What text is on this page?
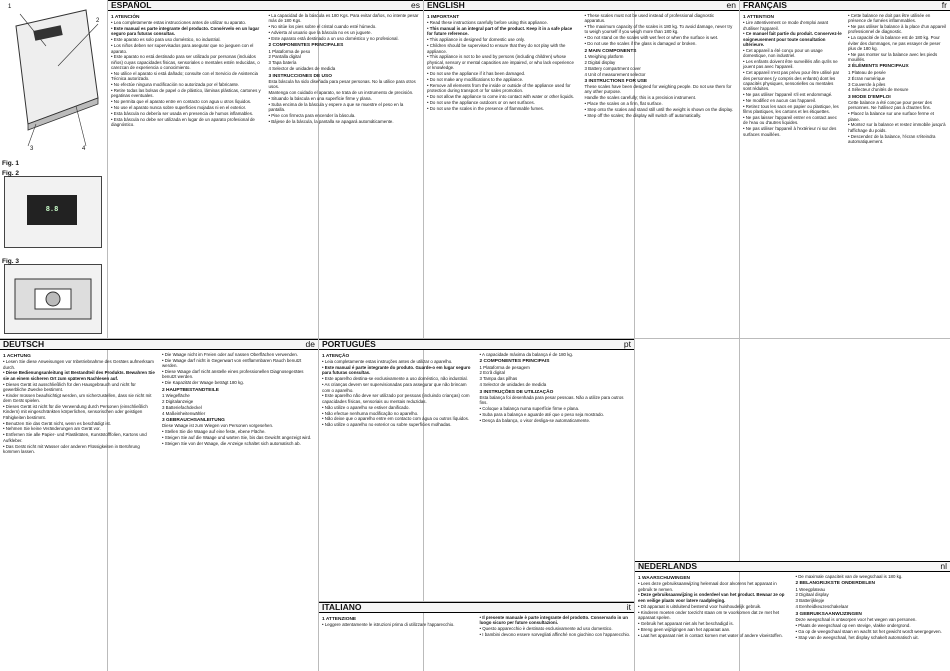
1
2
3	4
Fig. 1
8.8
Fig. 2
Fig. 3
ESPAÑOL	es
1 ATENCIÓN
• Lea completamente estas instrucciones antes de utilizar su aparato.
• Este manual es parte integrante del producto. Consérvelo en un lugar seguro para futuras consultas.
• Este aparato es solo para uso doméstico, no industrial.
• Los niños deben ser supervisados para asegurar que no jueguen con el aparato.
• Este aparato no está destinado para ser utilizado por personas (incluidos niños) cuyas capacidades físicas, sensoriales o mentales estén reducidas, o carezcan de experiencia o conocimiento.
• No utilice el aparato si está dañado; consulte con el Servicio de Asistencia Técnica autorizado.
• No efectúe ninguna modificación no autorizada por el fabricante.
• Retire todas las bolsas de papel o de plástico, láminas plásticas, cartones y pegatinas eventuales.
• No permita que el aparato entre en contacto con agua u otros líquidos.
• No use el aparato nunca sobre superficies mojadas ni en el exterior.
• Esta báscula no debería ser usada en presencia de humos inflamables.
• Esta báscula no debe ser utilizada en lugar de un aparato profesional de diagnóstico.
• La capacidad de la báscula es 180 Kgs. Para evitar daños, no intente pesar más de 180 Kgs.
• No sitúe los pies sobre el cristal cuando esté húmedo.
• Advierta al usuario que la báscula no es un juguete.
• Este aparato está destinado a un uso doméstico y no profesional.
2 COMPONENTES PRINCIPALES
1 Plataforma de peso
2 Pantalla digital
3 Tapa batería
4 Selector de unidades de medida
3 INSTRUCCIONES DE USO
Esta báscula ha sido diseñada para pesar personas. No la utilice para otros usos.
Mantenga con cuidado el aparato, se trata de un instrumento de precisión.
• Situando la báscula en una superficie firme y plana.
• Suba encima de la báscula y espere a que se muestre el peso en la pantalla.
• Pise con firmeza para encender la báscula.
• Bájese de la báscula, la pantalla se apagará automáticamente.
ENGLISH	en
1 IMPORTANT
• Read these instructions carefully before using this appliance.
• This manual is an integral part of the product. Keep it in a safe place for future reference.
• This appliance is designed for domestic use only.
• Children should be supervised to ensure that they do not play with the appliance.
• This appliance is not to be used by persons (including children) whose physical, sensory or mental capacities are impaired, or who lack experience or knowledge.
• Do not use the appliance if it has been damaged.
• Do not make any modifications to the appliance.
• Remove all elements from the inside or outside of the appliance used for protection during transport or for sales promotion.
• Do not allow the appliance to come into contact with water or other liquids.
• Do not use the appliance outdoors or on wet surfaces.
• Do not use the scales in the presence of flammable fumes.
• These scales must not be used instead of professional diagnostic apparatus.
• The maximum capacity of the scales is 180 kg. To avoid damage, never try to weigh yourself if you weigh more than 180 kg.
• Do not stand on the scales with wet feet or when the surface is wet.
• Do not use the scales if the glass is damaged or broken.
2 MAIN COMPONENTS
1 Weighing platform
2 Digital display
3 Battery compartment cover
4 Unit of measurement selector
3 INSTRUCTIONS FOR USE
These scales have been designed for weighing people. Do not use them for any other purpose.
Handle the scales carefully; this is a precision instrument.
• Place the scales on a firm, flat surface.
• Step onto the scales and stand still until the weight is shown on the display.
• Step off the scales; the display will switch off automatically.
FRANÇAIS	fr
1 ATTENTION
• Lire attentivement ce mode d'emploi avant d'utiliser l'appareil.
• Ce manuel fait partie du produit. Conservez-le soigneusement pour toute consultation ultérieure.
• Cet appareil a été conçu pour un usage domestique, non industriel.
• Les enfants doivent être surveillés afin qu'ils ne jouent pas avec l'appareil.
• Cet appareil n'est pas prévu pour être utilisé par des personnes (y compris des enfants) dont les capacités physiques, sensorielles ou mentales sont réduites.
• Ne pas utiliser l'appareil s'il est endommagé.
• Ne modifiez en aucun cas l'appareil.
• Retirez tous les sacs en papier ou plastique, les films plastiques, les cartons et les étiquettes.
• Ne pas laisser l'appareil entrer en contact avec de l'eau ou d'autres liquides.
• Ne pas utiliser l'appareil à l'extérieur ni sur des surfaces mouillées.
• Cette balance ne doit pas être utilisée en présence de fumées inflammables.
• Ne pas utiliser la balance à la place d'un appareil professionnel de diagnostic.
• La capacité de la balance est de 180 kg. Pour éviter des dommages, ne pas essayer de peser plus de 180 kg.
• Ne pas monter sur la balance avec les pieds mouillés.
2 ÉLÉMENTS PRINCIPAUX
1 Plateau de pesée
2 Écran numérique
3 Couvercle à piles
4 Sélecteur d'unités de mesure
3 MODE D'EMPLOI
Cette balance a été conçue pour peser des personnes. Ne l'utilisez pas à d'autres fins.
• Placez la balance sur une surface ferme et plane.
• Montez sur la balance et restez immobile jusqu'à l'affichage du poids.
• Descendez de la balance, l'écran s'éteindra automatiquement.
DEUTSCH	de
1 ACHTUNG
• Lesen Sie diese Anweisungen vor Inbetriebnahme des Gerätes aufmerksam durch.
• Diese Bedienungsanleitung ist Bestandteil des Produkts. Bewahren Sie sie an einem sicheren Ort zum späteren Nachlesen auf.
• Dieses Gerät ist ausschließlich für den Hausgebrauch und nicht für gewerbliche Zwecke bestimmt.
• Kinder müssen beaufsichtigt werden, um sicherzustellen, dass sie nicht mit dem Gerät spielen.
• Dieses Gerät ist nicht für die Verwendung durch Personen (einschließlich Kindern) mit eingeschränkten körperlichen, sensorischen oder geistigen Fähigkeiten bestimmt.
• Benutzen Sie das Gerät nicht, wenn es beschädigt ist.
• Nehmen Sie keine Veränderungen am Gerät vor.
• Entfernen Sie alle Papier- und Plastiktüten, Kunststofffolien, Kartons und Aufkleber.
• Das Gerät nicht mit Wasser oder anderen Flüssigkeiten in Berührung kommen lassen.
• Die Waage nicht im Freien oder auf nassen Oberflächen verwenden.
• Die Waage darf nicht in Gegenwart von entflammbaren Rauch benutzt werden.
• Diese Waage darf nicht anstelle eines professionellen Diagnosegerätes benutzt werden.
• Die Kapazität der Waage beträgt 180 kg.
2 HAUPTBESTANDTEILE
1 Wiegefläche
2 Digitalanzeige
3 Batteriefachdeckel
4 Maßeinheitenwähler
3 GEBRAUCHSANLEITUNG
Diese Waage ist zum Wiegen von Personen vorgesehen.
• Stellen Sie die Waage auf eine feste, ebene Fläche.
• Steigen Sie auf die Waage und warten Sie, bis das Gewicht angezeigt wird.
• Steigen Sie von der Waage, die Anzeige schaltet sich automatisch ab.
PORTUGUÊS	pt
1 ATENÇÃO
• Leia completamente estas instruções antes de utilizar o aparelho.
• Este manual é parte integrante do produto. Guarde-o em lugar seguro para futuras consultas.
• Este aparelho destina-se exclusivamente a uso doméstico, não industrial.
• As crianças devem ser supervisionadas para assegurar que não brincam com o aparelho.
• Este aparelho não deve ser utilizado por pessoas (incluindo crianças) com capacidades físicas, sensoriais ou mentais reduzidas.
• Não utilize o aparelho se estiver danificado.
• Não efectue nenhuma modificação no aparelho.
• Não deixe que o aparelho entre em contacto com água ou outros líquidos.
• Não utilize o aparelho no exterior ou sobre superfícies molhadas.
• A capacidade máxima da balança é de 180 kg.
2 COMPONENTES PRINCIPAIS
1 Plataforma de pesagem
2 Ecrã digital
3 Tampa das pilhas
4 Selector de unidades de medida
3 INSTRUÇÕES DE UTILIZAÇÃO
Esta balança foi desenhada para pesar pessoas. Não a utilize para outros fins.
• Coloque a balança numa superfície firme e plana.
• Suba para a balança e aguarde até que o peso seja mostrado.
• Desça da balança, o visor desliga-se automaticamente.
ITALIANO	it
1 ATTENZIONE
• Leggere attentamente le istruzioni prima di utilizzare l'apparecchio.
• Il presente manuale è parte integrante del prodotto. Conservarlo in un luogo sicuro per future consultazioni.
• Questo apparecchio è destinato esclusivamente ad uso domestico.
• I bambini devono essere sorvegliati affinché non giochino con l'apparecchio.
NEDERLANDS	nl
1 WAARSCHUWINGEN
• Lees deze gebruiksaanwijzing helemaal door alvorens het apparaat in gebruik te nemen.
• Deze gebruiksaanwijzing is onderdeel van het product. Bewaar ze op een veilige plaats voor latere raadpleging.
• Dit apparaat is uitsluitend bestemd voor huishoudelijk gebruik.
• Kinderen moeten onder toezicht staan om te voorkomen dat ze met het apparaat spelen.
• Gebruik het apparaat niet als het beschadigd is.
• Breng geen wijzigingen aan het apparaat aan.
• Laat het apparaat niet in contact komen met water of andere vloeistoffen.
• De maximale capaciteit van de weegschaal is 180 kg.
2 BELANGRIJKSTE ONDERDELEN
1 Weegplateau
2 Digitaal display
3 Batterijklepje
4 Eenheidkeuzeschakelaar
3 GEBRUIKSAANWIJZINGEN
Deze weegschaal is ontworpen voor het wegen van personen.
• Plaats de weegschaal op een stevige, vlakke ondergrond.
• Ga op de weegschaal staan en wacht tot het gewicht wordt weergegeven.
• Stap van de weegschaal, het display schakelt automatisch uit.
